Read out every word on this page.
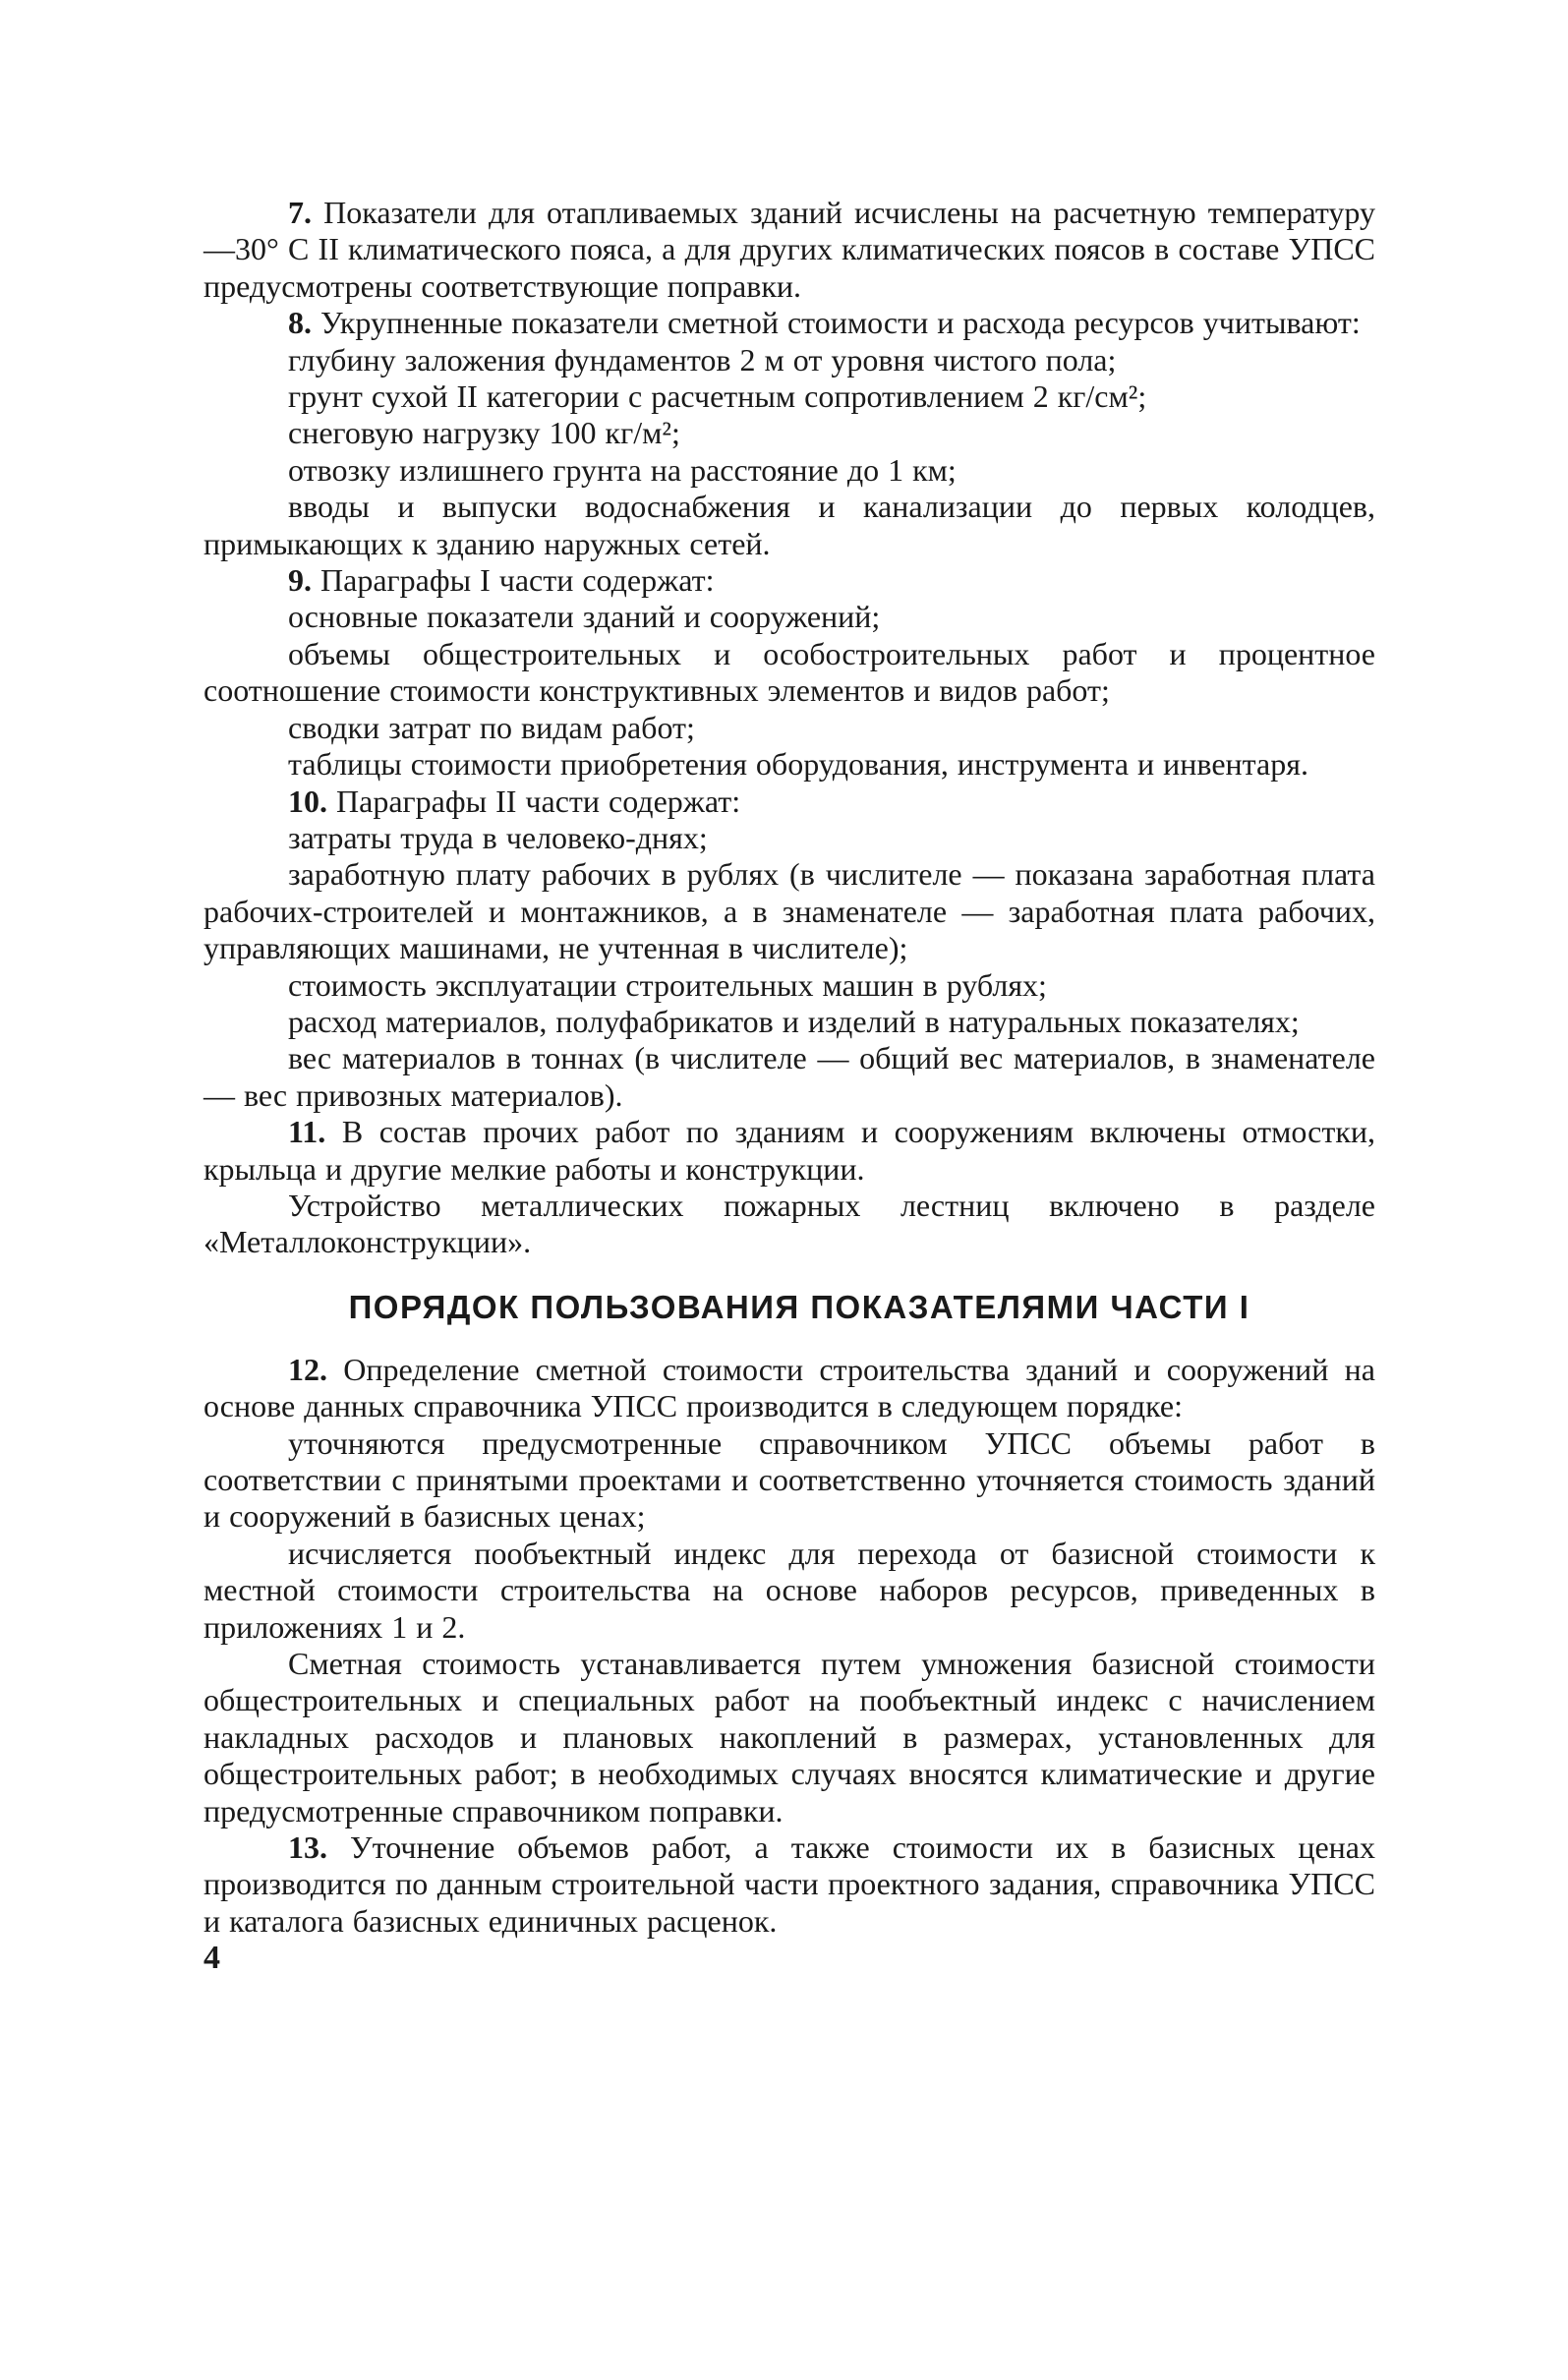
7. Показатели для отапливаемых зданий исчислены на расчетную температуру —30° С II климатического пояса, а для других климатических поясов в составе УПСС предусмотрены соответствующие поправки.

8. Укрупненные показатели сметной стоимости и расхода ресурсов учитывают:

глубину заложения фундаментов 2 м от уровня чистого пола;

грунт сухой II категории с расчетным сопротивлением 2 кг/см²;

снеговую нагрузку 100 кг/м²;

отвозку излишнего грунта на расстояние до 1 км;

вводы и выпуски водоснабжения и канализации до первых колодцев, примыкающих к зданию наружных сетей.

9. Параграфы I части содержат:

основные показатели зданий и сооружений;

объемы общестроительных и особостроительных работ и процентное соотношение стоимости конструктивных элементов и видов работ;

сводки затрат по видам работ;

таблицы стоимости приобретения оборудования, инструмента и инвентаря.

10. Параграфы II части содержат:

затраты труда в человеко-днях;

заработную плату рабочих в рублях (в числителе — показана заработная плата рабочих-строителей и монтажников, а в знаменателе — заработная плата рабочих, управляющих машинами, не учтенная в числителе);

стоимость эксплуатации строительных машин в рублях;

расход материалов, полуфабрикатов и изделий в натуральных показателях;

вес материалов в тоннах (в числителе — общий вес материалов, в знаменателе — вес привозных материалов).

11. В состав прочих работ по зданиям и сооружениям включены отмостки, крыльца и другие мелкие работы и конструкции.

Устройство металлических пожарных лестниц включено в разделе «Металлоконструкции».

ПОРЯДОК ПОЛЬЗОВАНИЯ ПОКАЗАТЕЛЯМИ ЧАСТИ I

12. Определение сметной стоимости строительства зданий и сооружений на основе данных справочника УПСС производится в следующем порядке:

уточняются предусмотренные справочником УПСС объемы работ в соответствии с принятыми проектами и соответственно уточняется стоимость зданий и сооружений в базисных ценах;

исчисляется пообъектный индекс для перехода от базисной стоимости к местной стоимости строительства на основе наборов ресурсов, приведенных в приложениях 1 и 2.

Сметная стоимость устанавливается путем умножения базисной стоимости общестроительных и специальных работ на пообъектный индекс с начислением накладных расходов и плановых накоплений в размерах, установленных для общестроительных работ; в необходимых случаях вносятся климатические и другие предусмотренные справочником поправки.

13. Уточнение объемов работ, а также стоимости их в базисных ценах производится по данным строительной части проектного задания, справочника УПСС и каталога базисных единичных расценок.

4
